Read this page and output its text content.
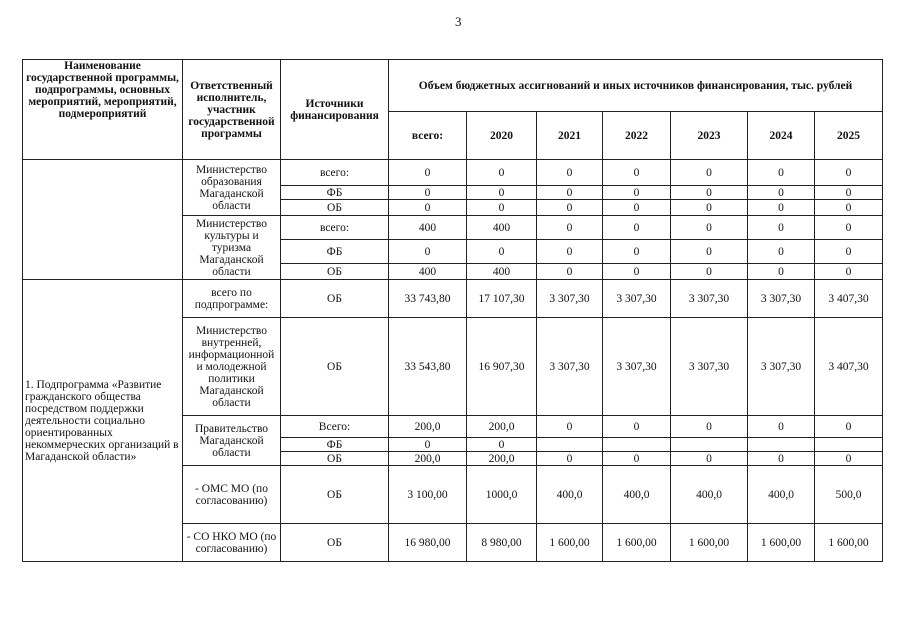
3
Наименование государственной программы, подпрограммы, основных мероприятий, мероприятий, подмероприятий	Ответственный исполнитель, участник государственной программы	Источники финансирования	Объем бюджетных ассигнований и иных источников финансирования, тыс. рублей						
			всего:	2020	2021	2022	2023	2024	2025
	Министерство образования Магаданской области	всего:	0	0	0	0	0	0	0
		ФБ	0	0	0	0	0	0	0
		ОБ	0	0	0	0	0	0	0
	Министерство культуры и туризма Магаданской области	всего:	400	400	0	0	0	0	0
		ФБ	0	0	0	0	0	0	0
		ОБ	400	400	0	0	0	0	0
1. Подпрограмма «Развитие гражданского общества посредством поддержки деятельности социально ориентированных некоммерческих организаций в Магаданской области»	всего по подпрограмме:	ОБ	33 743,80	17 107,30	3 307,30	3 307,30	3 307,30	3 307,30	3 407,30
	Министерство внутренней, информационной и молодежной политики Магаданской области	ОБ	33 543,80	16 907,30	3 307,30	3 307,30	3 307,30	3 307,30	3 407,30
	Правительство Магаданской области	Всего:	200,0	200,0	0	0	0	0	0
		ФБ	0	0					
		ОБ	200,0	200,0	0	0	0	0	0
	- ОМС МО (по согласованию)	ОБ	3 100,00	1000,0	400,0	400,0	400,0	400,0	500,0
	- СО НКО МО (по согласованию)	ОБ	16 980,00	8 980,00	1 600,00	1 600,00	1 600,00	1 600,00	1 600,00
